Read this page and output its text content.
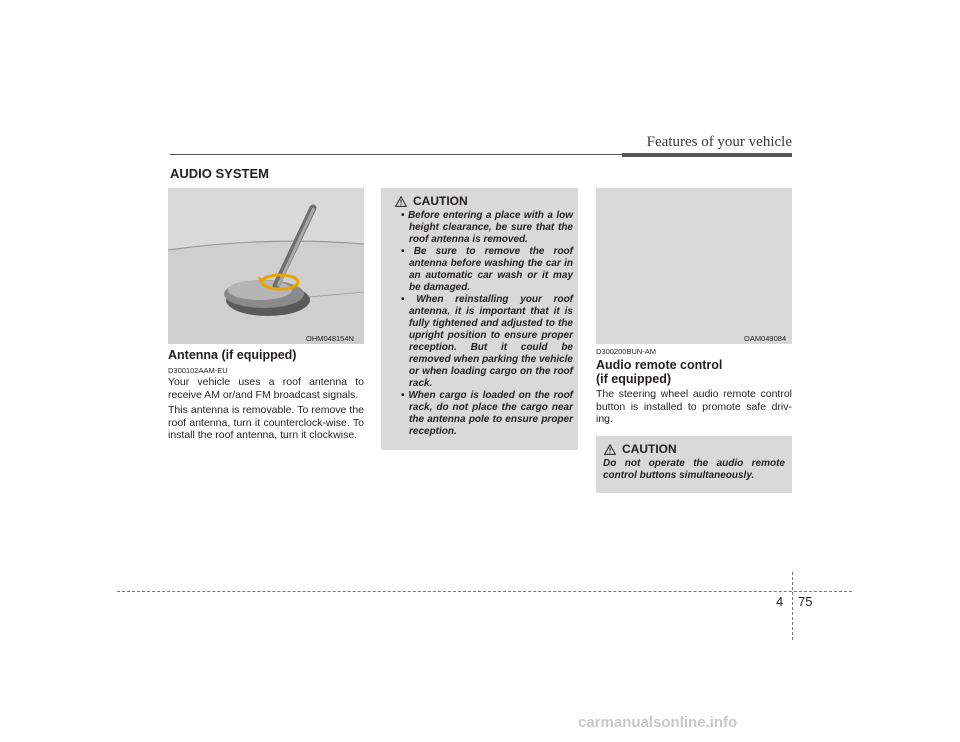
Features of your vehicle
AUDIO SYSTEM
OHM048154N
Antenna (if equipped)
D300102AAM-EU
Your vehicle uses a roof antenna to receive AM or/and FM broadcast signals.
This antenna is removable. To remove the roof antenna, turn it counterclock-wise. To install the roof antenna, turn it clockwise.
CAUTION
• Before entering a place with a low height clearance, be sure that the roof antenna is removed.
• Be sure to remove the roof antenna before washing the car in an automatic car wash or it may be damaged.
• When reinstalling your roof antenna, it is important that it is fully tightened and adjusted to the upright position to ensure proper reception. But it could be removed when parking the vehicle or when loading cargo on the roof rack.
• When cargo is loaded on the roof rack, do not place the cargo near the antenna pole to ensure proper reception.
OAM049084
D300200BUN-AM
Audio remote control
(if equipped)
The steering wheel audio remote control button is installed to promote safe driv-ing.
CAUTION
Do not operate the audio remote control buttons simultaneously.
4 75
carmanualsonline.info
